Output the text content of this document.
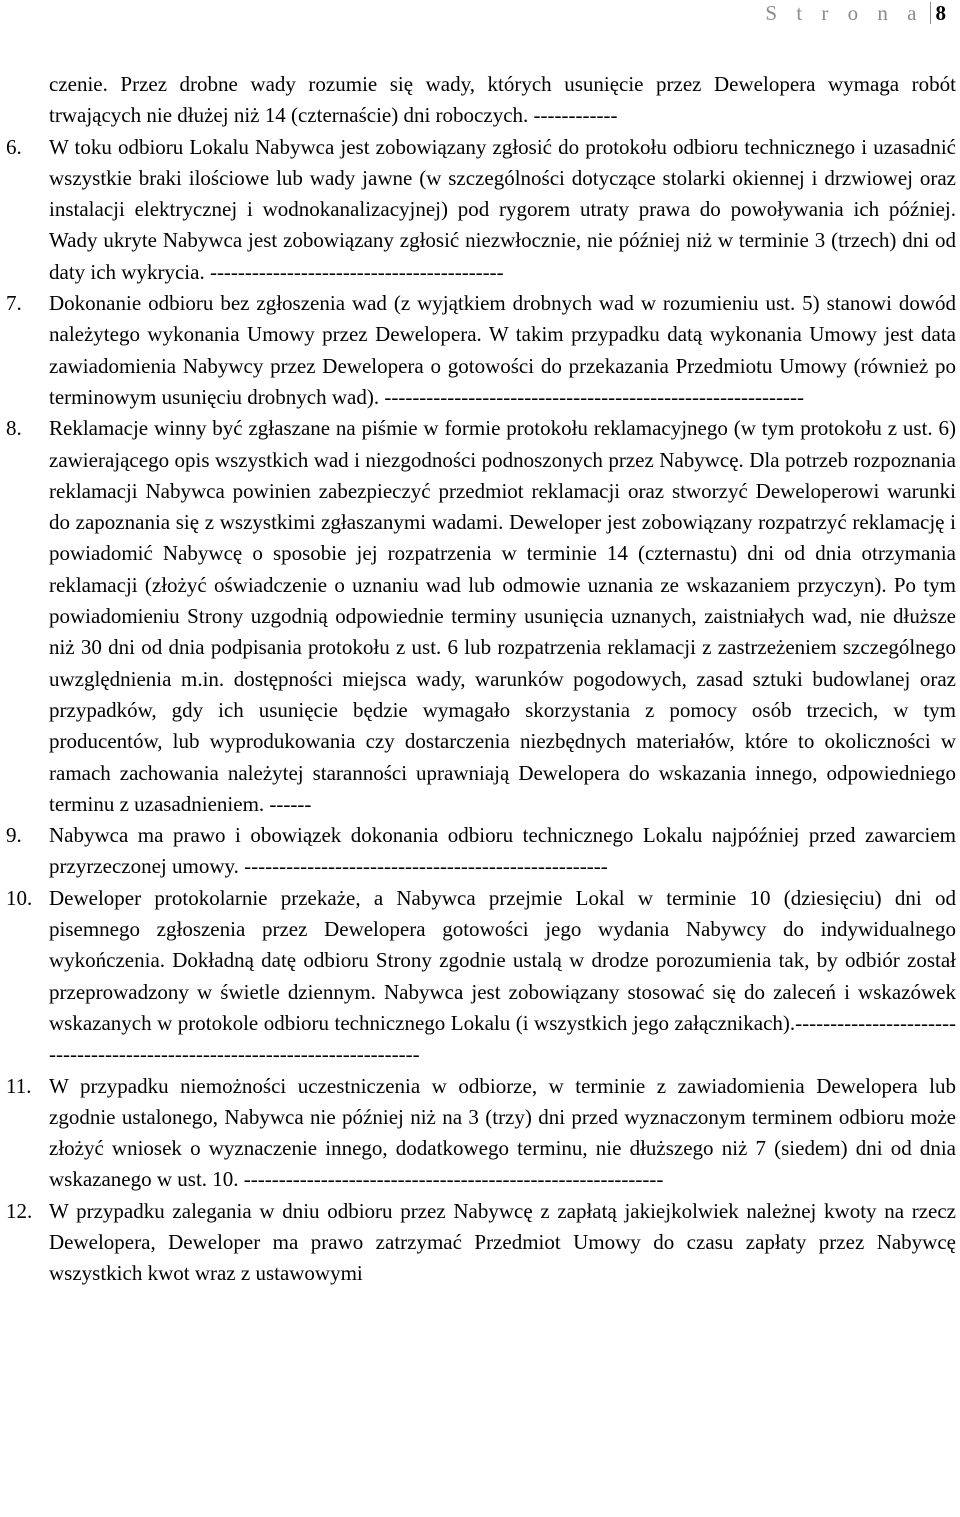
S t r o n a 8

czenie. Przez drobne wady rozumie się wady, których usunięcie przez Dewelopera wymaga robót trwających nie dłużej niż 14 (czternaście) dni roboczych. ------------

6.	W toku odbioru Lokalu Nabywca jest zobowiązany zgłosić do protokołu odbioru technicznego i uzasadnić wszystkie braki ilościowe lub wady jawne (w szczególności dotyczące stolarki okiennej i drzwiowej oraz instalacji elektrycznej i wodnokanalizacyjnej) pod rygorem utraty prawa do powoływania ich później. Wady ukryte Nabywca jest zobowiązany zgłosić niezwłocznie, nie później niż w terminie 3 (trzech) dni od daty ich wykrycia. ------------------------------------------
7.	Dokonanie odbioru bez zgłoszenia wad (z wyjątkiem drobnych wad w rozumieniu ust. 5) stanowi dowód należytego wykonania Umowy przez Dewelopera. W takim przypadku datą wykonania Umowy jest data zawiadomienia Nabywcy przez Dewelopera o gotowości do przekazania Przedmiotu Umowy (również po terminowym usunięciu drobnych wad). ------------------------------------------------------------
8.	Reklamacje winny być zgłaszane na piśmie w formie protokołu reklamacyjnego (w tym protokołu z ust. 6) zawierającego opis wszystkich wad i niezgodności podnoszonych przez Nabywcę. Dla potrzeb rozpoznania reklamacji Nabywca powinien zabezpieczyć przedmiot reklamacji oraz stworzyć Deweloperowi warunki do zapoznania się z wszystkimi zgłaszanymi wadami. Deweloper jest zobowiązany rozpatrzyć reklamację i powiadomić Nabywcę o sposobie jej rozpatrzenia w terminie 14 (czternastu) dni od dnia otrzymania reklamacji (złożyć oświadczenie o uznaniu wad lub odmowie uznania ze wskazaniem przyczyn). Po tym powiadomieniu Strony uzgodnią odpowiednie terminy usunięcia uznanych, zaistniałych wad, nie dłuższe niż 30 dni od dnia podpisania protokołu z ust. 6 lub rozpatrzenia reklamacji z zastrzeżeniem szczególnego uwzględnienia m.in. dostępności miejsca wady, warunków pogodowych, zasad sztuki budowlanej oraz przypadków, gdy ich usunięcie będzie wymagało skorzystania z pomocy osób trzecich, w tym producentów, lub wyprodukowania czy dostarczenia niezbędnych materiałów, które to okoliczności w ramach zachowania należytej staranności uprawniają Dewelopera do wskazania innego, odpowiedniego terminu z uzasadnieniem. ------
9.	Nabywca ma prawo i obowiązek dokonania odbioru technicznego Lokalu najpóźniej przed zawarciem przyrzeczonej umowy. ----------------------------------------------------
10. Deweloper protokolarnie przekaże, a Nabywca przejmie Lokal w terminie 10 (dziesięciu) dni od pisemnego zgłoszenia przez Dewelopera gotowości jego wydania Nabywcy do indywidualnego wykończenia. Dokładną datę odbioru Strony zgodnie ustalą w drodze porozumienia tak, by odbiór został przeprowadzony w świetle dziennym. Nabywca jest zobowiązany stosować się do zaleceń i wskazówek wskazanych w protokole odbioru technicznego Lokalu (i wszystkich jego załącznikach).----------------------------------------------------------------------------
11. W przypadku niemożności uczestniczenia w odbiorze, w terminie z zawiadomienia Dewelopera lub zgodnie ustalonego, Nabywca nie później niż na 3 (trzy) dni przed wyznaczonym terminem odbioru może złożyć wniosek o wyznaczenie innego, dodatkowego terminu, nie dłuższego niż 7 (siedem) dni od dnia wskazanego w ust. 10. ------------------------------------------------------------
12. W przypadku zalegania w dniu odbioru przez Nabywcę z zapłatą jakiejkolwiek należnej kwoty na rzecz Dewelopera, Deweloper ma prawo zatrzymać Przedmiot Umowy do czasu zapłaty przez Nabywcę wszystkich kwot wraz z ustawowymi
